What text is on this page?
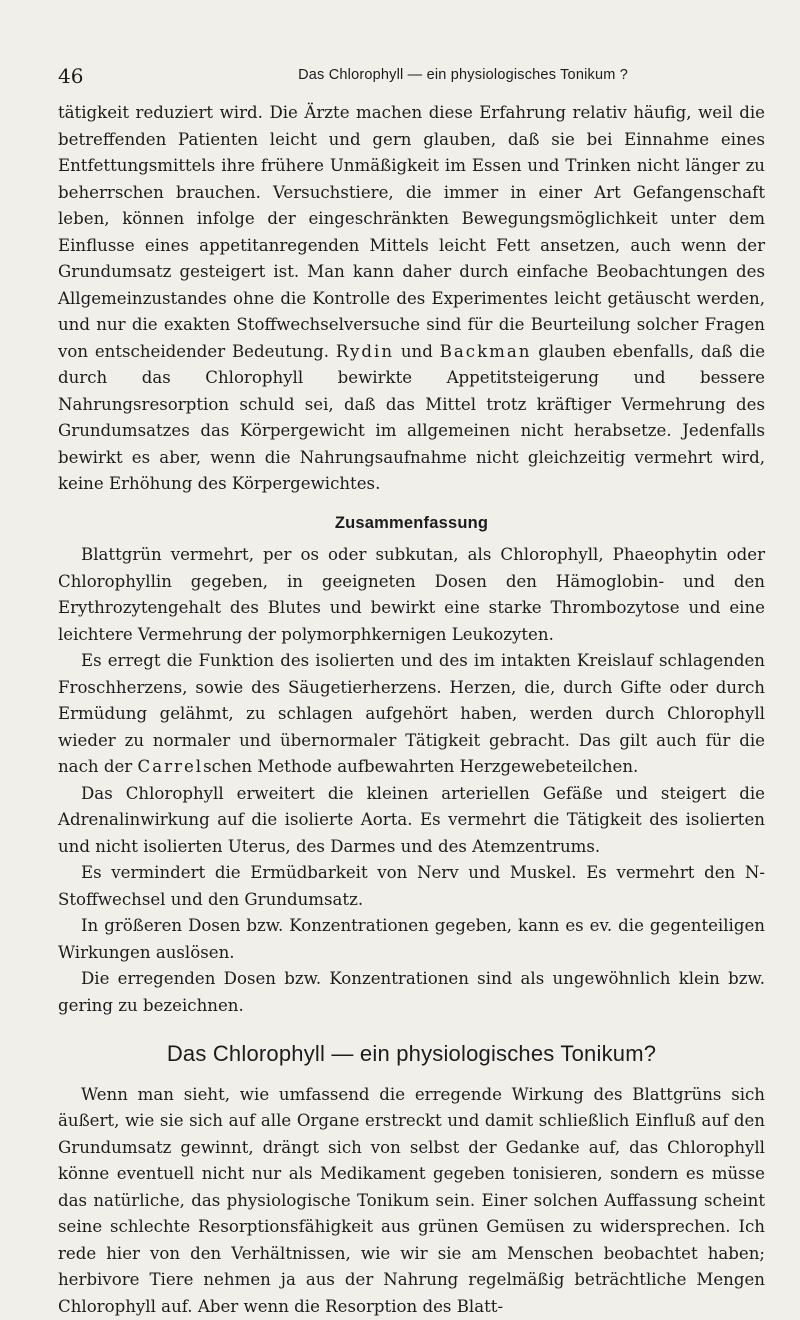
46	Das Chlorophyll — ein physiologisches Tonikum ?

tätigkeit reduziert wird. Die Ärzte machen diese Erfahrung relativ häufig, weil die betreffenden Patienten leicht und gern glauben, daß sie bei Einnahme eines Entfettungsmittels ihre frühere Unmäßigkeit im Essen und Trinken nicht länger zu beherrschen brauchen. Versuchstiere, die immer in einer Art Gefangenschaft leben, können infolge der eingeschränkten Bewegungsmöglichkeit unter dem Einflusse eines appetitanregenden Mittels leicht Fett ansetzen, auch wenn der Grundumsatz gesteigert ist. Man kann daher durch einfache Beobachtungen des Allgemeinzustandes ohne die Kontrolle des Experimentes leicht getäuscht werden, und nur die exakten Stoffwechselversuche sind für die Beurteilung solcher Fragen von entscheidender Bedeutung. Rydin und Backman glauben ebenfalls, daß die durch das Chlorophyll bewirkte Appetitsteigerung und bessere Nahrungsresorption schuld sei, daß das Mittel trotz kräftiger Vermehrung des Grundumsatzes das Körpergewicht im allgemeinen nicht herabsetze. Jedenfalls bewirkt es aber, wenn die Nahrungsaufnahme nicht gleichzeitig vermehrt wird, keine Erhöhung des Körpergewichtes.

Zusammenfassung

Blattgrün vermehrt, per os oder subkutan, als Chlorophyll, Phaeophytin oder Chlorophyllin gegeben, in geeigneten Dosen den Hämoglobin- und den Erythrozytengehalt des Blutes und bewirkt eine starke Thrombozytose und eine leichtere Vermehrung der polymorphkernigen Leukozyten.

Es erregt die Funktion des isolierten und des im intakten Kreislauf schlagenden Froschherzens, sowie des Säugetierherzens. Herzen, die, durch Gifte oder durch Ermüdung gelähmt, zu schlagen aufgehört haben, werden durch Chlorophyll wieder zu normaler und übernormaler Tätigkeit gebracht. Das gilt auch für die nach der Carrelschen Methode aufbewahrten Herzgewebeteilchen.

Das Chlorophyll erweitert die kleinen arteriellen Gefäße und steigert die Adrenalinwirkung auf die isolierte Aorta. Es vermehrt die Tätigkeit des isolierten und nicht isolierten Uterus, des Darmes und des Atemzentrums.

Es vermindert die Ermüdbarkeit von Nerv und Muskel. Es vermehrt den N-Stoffwechsel und den Grundumsatz.

In größeren Dosen bzw. Konzentrationen gegeben, kann es ev. die gegenteiligen Wirkungen auslösen.

Die erregenden Dosen bzw. Konzentrationen sind als ungewöhnlich klein bzw. gering zu bezeichnen.

Das Chlorophyll — ein physiologisches Tonikum?

Wenn man sieht, wie umfassend die erregende Wirkung des Blattgrüns sich äußert, wie sie sich auf alle Organe erstreckt und damit schließlich Einfluß auf den Grundumsatz gewinnt, drängt sich von selbst der Gedanke auf, das Chlorophyll könne eventuell nicht nur als Medikament gegeben tonisieren, sondern es müsse das natürliche, das physiologische Tonikum sein. Einer solchen Auffassung scheint seine schlechte Resorptionsfähigkeit aus grünen Gemüsen zu widersprechen. Ich rede hier von den Verhältnissen, wie wir sie am Menschen beobachtet haben; herbivore Tiere nehmen ja aus der Nahrung regelmäßig beträchtliche Mengen Chlorophyll auf. Aber wenn die Resorption des Blatt-
